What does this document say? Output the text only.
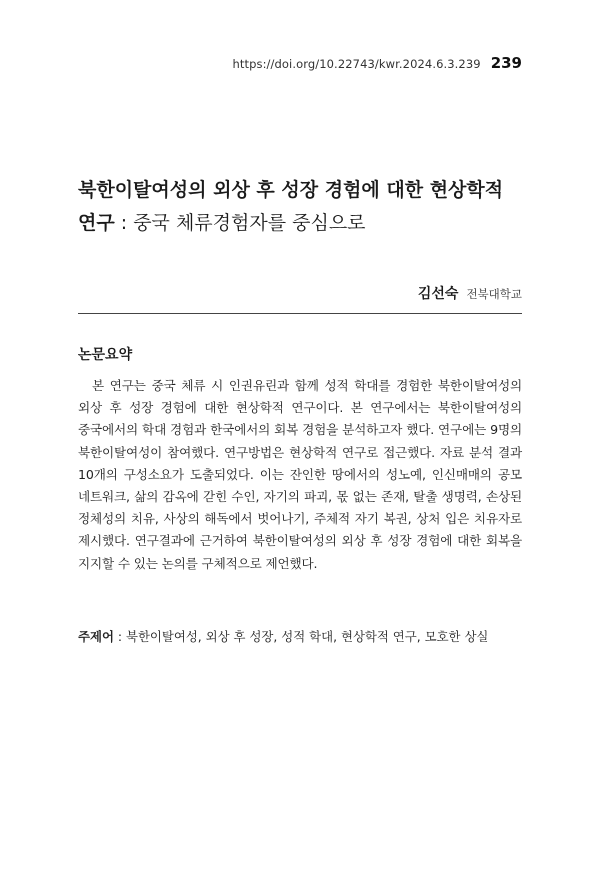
https://doi.org/10.22743/kwr.2024.6.3.239 239
북한이탈여성의 외상 후 성장 경험에 대한 현상학적
연구 : 중국 체류경험자를 중심으로
김선숙 전북대학교
논문요약

본 연구는 중국 체류 시 인권유린과 함께 성적 학대를 경험한 북한이탈여성의 외상 후 성장 경험에 대한 현상학적 연구이다. 본 연구에서는 북한이탈여성의 중국에서의 학대 경험과 한국에서의 회복 경험을 분석하고자 했다. 연구에는 9명의 북한이탈여성이 참여했다. 연구방법은 현상학적 연구로 접근했다. 자료 분석 결과 10개의 구성소요가 도출되었다. 이는 잔인한 땅에서의 성노예, 인신매매의 공모 네트워크, 삶의 감옥에 갇힌 수인, 자기의 파괴, 몫 없는 존재, 탈출 생명력, 손상된 정체성의 치유, 사상의 해독에서 벗어나기, 주체적 자기 복권, 상처 입은 치유자로 제시했다. 연구결과에 근거하여 북한이탈여성의 외상 후 성장 경험에 대한 회복을 지지할 수 있는 논의를 구체적으로 제언했다.

주제어 : 북한이탈여성, 외상 후 성장, 성적 학대, 현상학적 연구, 모호한 상실
